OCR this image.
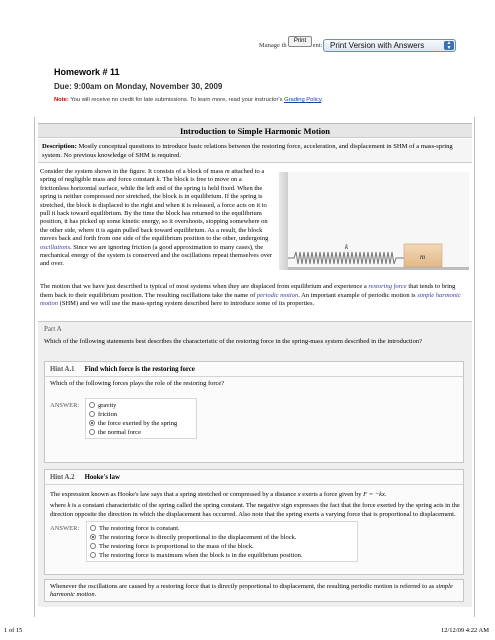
Manage th	ent:
Print	Print Version with Answers	▲
▼
Homework # 11
Due: 9:00am on Monday, November 30, 2009
Note: You will receive no credit for late submissions. To learn more, read your instructor's Grading Policy.
Introduction to Simple Harmonic Motion
Description: Mostly conceptual questions to introduce basic relations between the restoring force, acceleration, and displacement in SHM of a mass-spring system. No previous knowledge of SHM is required.
Consider the system shown in the figure. It consists of a block of mass m attached to a spring of negligible mass and force constant k. The block is free to move on a frictionless horizontal surface, while the left end of the spring is held fixed. When the spring is neither compressed nor stretched, the block is in equilibrium. If the spring is stretched, the block is displaced to the right and when it is released, a force acts on it to pull it back toward equilibrium. By the time the block has returned to the equilibrium position, it has picked up some kinetic energy, so it overshoots, stopping somewhere on the other side, where it is again pulled back toward equilibrium. As a result, the block moves back and forth from one side of the equilibrium position to the other, undergoing oscillations. Since we are ignoring friction (a good approximation to many cases), the mechanical energy of the system is conserved and the oscillations repeat themselves over and over.
k
m
The motion that we have just described is typical of most systems when they are displaced from equilibrium and experience a restoring force that tends to bring them back to their equilibrium position. The resulting oscillations take the name of periodic motion. An important example of periodic motion is simple harmonic motion (SHM) and we will use the mass-spring system described here to introduce some of its properties.
Part A
Which of the following statements best describes the characteristic of the restoring force in the spring-mass system described in the introduction?
Hint A.1 Find which force is the restoring force
Which of the following forces plays the role of the restoring force?
ANSWER:	gravity
friction
the force exerted by the spring
the normal force
Hint A.2 Hooke's law
The expression known as Hooke's law says that a spring stretched or compressed by a distance x exerts a force given by F = −kx.
where k is a constant characteristic of the spring called the spring constant. The negative sign expresses the fact that the force exerted by the spring acts in the direction opposite the direction in which the displacement has occurred. Also note that the spring exerts a varying force that is proportional to displacement.
ANSWER:	The restoring force is constant.
The restoring force is directly proportional to the displacement of the block.
The restoring force is proportional to the mass of the block.
The restoring force is maximum when the block is in the equilibrium position.
Whenever the oscillations are caused by a restoring force that is directly proportional to displacement, the resulting periodic motion is referred to as simple harmonic motion.
1 of 15	12/12/09 4:22 AM
